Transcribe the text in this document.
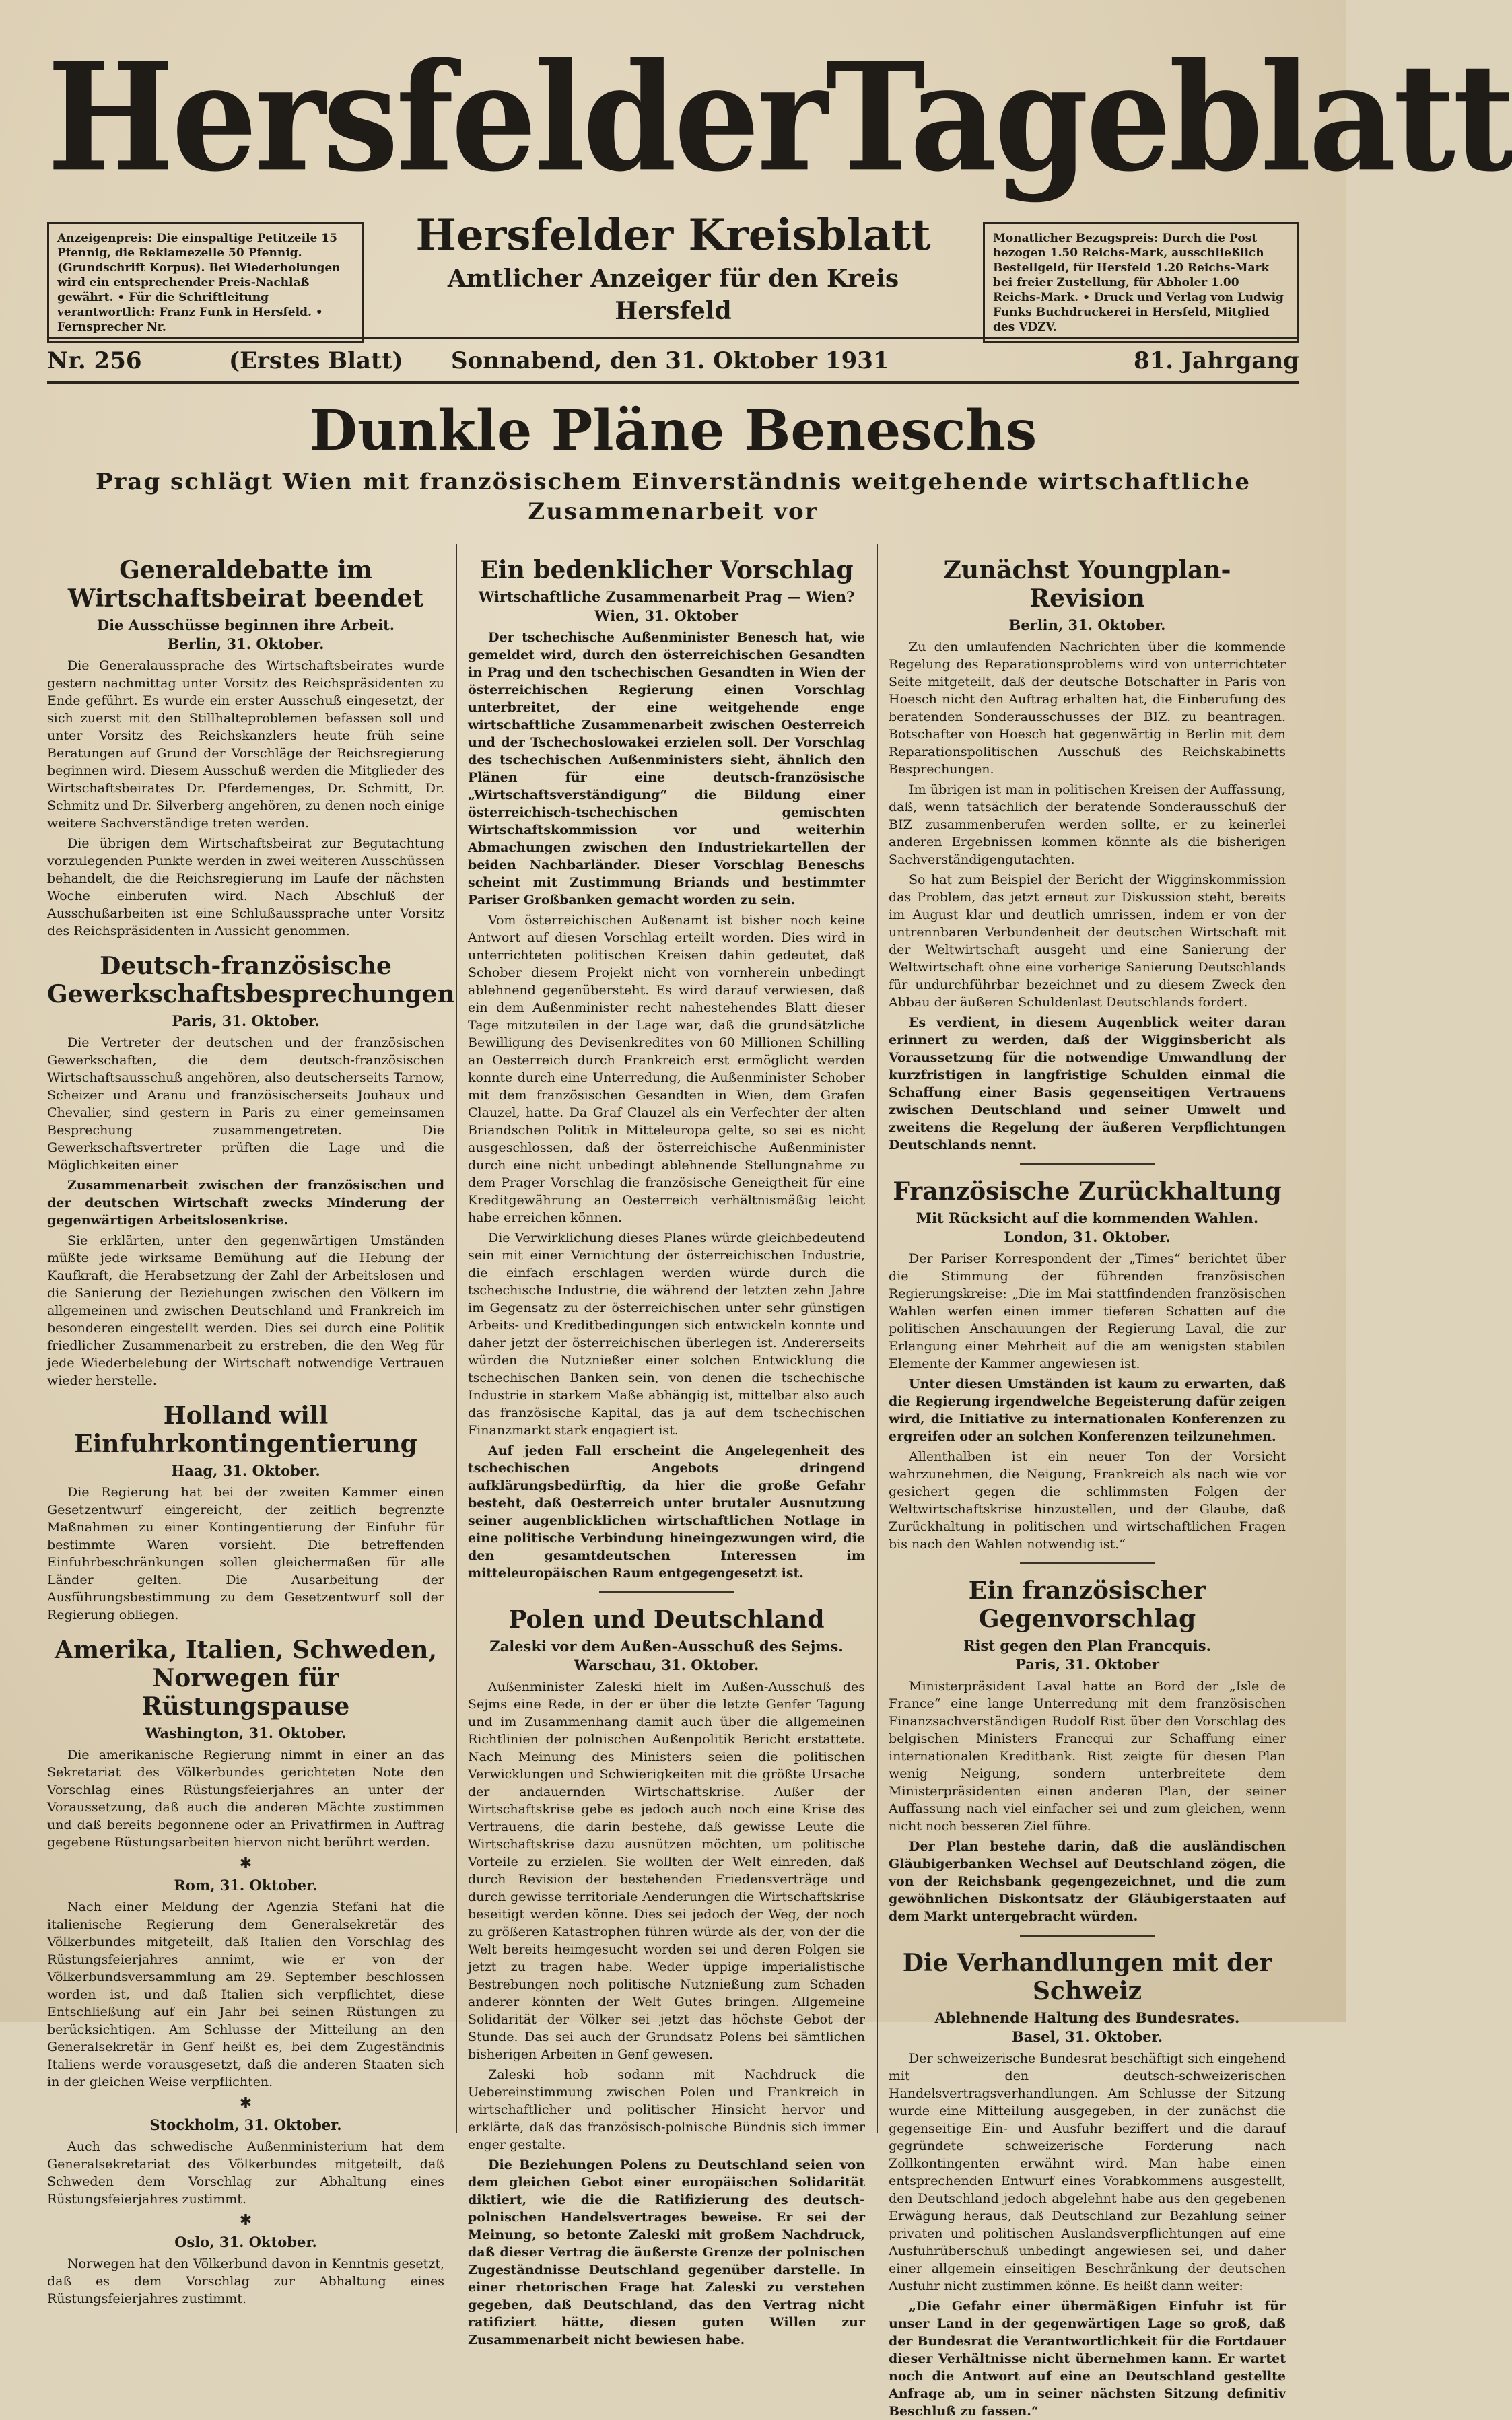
HersfelderTageblatt
Anzeigenpreis: Die einspaltige Petitzeile 15 Pfennig, die Reklamezeile 50 Pfennig. (Grundschrift Korpus). Bei Wiederholungen wird ein entsprechender Preis-Nachlaß gewährt. • Für die Schriftleitung verantwortlich: Franz Funk in Hersfeld. • Fernsprecher Nr.
Hersfelder Kreisblatt
Amtlicher Anzeiger für den Kreis Hersfeld
Monatlicher Bezugspreis: Durch die Post bezogen 1.50 Reichs-Mark, ausschließlich Bestellgeld, für Hersfeld 1.20 Reichs-Mark bei freier Zustellung, für Abholer 1.00 Reichs-Mark. • Druck und Verlag von Ludwig Funks Buchdruckerei in Hersfeld, Mitglied des VDZV.
Nr. 256	(Erstes Blatt) Sonnabend, den 31. Oktober 1931	81. Jahrgang
Dunkle Pläne Beneschs
Prag schlägt Wien mit französischem Einverständnis weitgehende wirtschaftliche Zusammenarbeit vor
Generaldebatte im Wirtschaftsbeirat beendet
Die Ausschüsse beginnen ihre Arbeit.
Berlin, 31. Oktober.

Die Generalaussprache des Wirtschaftsbeirates wurde gestern nachmittag unter Vorsitz des Reichspräsidenten zu Ende geführt. Es wurde ein erster Ausschuß eingesetzt, der sich zuerst mit den Stillhalteproblemen befassen soll und unter Vorsitz des Reichskanzlers heute früh seine Beratungen auf Grund der Vorschläge der Reichsregierung beginnen wird. Diesem Ausschuß werden die Mitglieder des Wirtschaftsbeirates Dr. Pferdemenges, Dr. Schmitt, Dr. Schmitz und Dr. Silverberg angehören, zu denen noch einige weitere Sachverständige treten werden.

Die übrigen dem Wirtschaftsbeirat zur Begutachtung vorzulegenden Punkte werden in zwei weiteren Ausschüssen behandelt, die die Reichsregierung im Laufe der nächsten Woche einberufen wird. Nach Abschluß der Ausschußarbeiten ist eine Schlußaussprache unter Vorsitz des Reichspräsidenten in Aussicht genommen.

Deutsch-französische Gewerkschaftsbesprechungen
Paris, 31. Oktober.

Die Vertreter der deutschen und der französischen Gewerkschaften, die dem deutsch-französischen Wirtschaftsausschuß angehören, also deutscherseits Tarnow, Scheizer und Aranu und französischerseits Jouhaux und Chevalier, sind gestern in Paris zu einer gemeinsamen Besprechung zusammengetreten. Die Gewerkschaftsvertreter prüften die Lage und die Möglichkeiten einer

Zusammenarbeit zwischen der französischen und der deutschen Wirtschaft zwecks Minderung der gegenwärtigen Arbeitslosenkrise.

Sie erklärten, unter den gegenwärtigen Umständen müßte jede wirksame Bemühung auf die Hebung der Kaufkraft, die Herabsetzung der Zahl der Arbeitslosen und die Sanierung der Beziehungen zwischen den Völkern im allgemeinen und zwischen Deutschland und Frankreich im besonderen eingestellt werden. Dies sei durch eine Politik friedlicher Zusammenarbeit zu erstreben, die den Weg für jede Wiederbelebung der Wirtschaft notwendige Vertrauen wieder herstelle.

Holland will Einfuhrkontingentierung
Haag, 31. Oktober.

Die Regierung hat bei der zweiten Kammer einen Gesetzentwurf eingereicht, der zeitlich begrenzte Maßnahmen zu einer Kontingentierung der Einfuhr für bestimmte Waren vorsieht. Die betreffenden Einfuhrbeschränkungen sollen gleichermaßen für alle Länder gelten. Die Ausarbeitung der Ausführungsbestimmung zu dem Gesetzentwurf soll der Regierung obliegen.

Amerika, Italien, Schweden, Norwegen für Rüstungspause
Washington, 31. Oktober.

Die amerikanische Regierung nimmt in einer an das Sekretariat des Völkerbundes gerichteten Note den Vorschlag eines Rüstungsfeierjahres an unter der Voraussetzung, daß auch die anderen Mächte zustimmen und daß bereits begonnene oder an Privatfirmen in Auftrag gegebene Rüstungsarbeiten hiervon nicht berührt werden.

✱
Rom, 31. Oktober.

Nach einer Meldung der Agenzia Stefani hat die italienische Regierung dem Generalsekretär des Völkerbundes mitgeteilt, daß Italien den Vorschlag des Rüstungsfeierjahres annimt, wie er von der Völkerbundsversammlung am 29. September beschlossen worden ist, und daß Italien sich verpflichtet, diese Entschließung auf ein Jahr bei seinen Rüstungen zu berücksichtigen. Am Schlusse der Mitteilung an den Generalsekretär in Genf heißt es, bei dem Zugeständnis Italiens werde vorausgesetzt, daß die anderen Staaten sich in der gleichen Weise verpflichten.

✱
Stockholm, 31. Oktober.

Auch das schwedische Außenministerium hat dem Generalsekretariat des Völkerbundes mitgeteilt, daß Schweden dem Vorschlag zur Abhaltung eines Rüstungsfeierjahres zustimmt.

✱
Oslo, 31. Oktober.

Norwegen hat den Völkerbund davon in Kenntnis gesetzt, daß es dem Vorschlag zur Abhaltung eines Rüstungsfeierjahres zustimmt.

Ein bedenklicher Vorschlag
Wirtschaftliche Zusammenarbeit Prag — Wien?
Wien, 31. Oktober

Der tschechische Außenminister Benesch hat, wie gemeldet wird, durch den österreichischen Gesandten in Prag und den tschechischen Gesandten in Wien der österreichischen Regierung einen Vorschlag unterbreitet, der eine weitgehende enge wirtschaftliche Zusammenarbeit zwischen Oesterreich und der Tschechoslowakei erzielen soll. Der Vorschlag des tschechischen Außenministers sieht, ähnlich den Plänen für eine deutsch-französische „Wirtschaftsverständigung“ die Bildung einer österreichisch-tschechischen gemischten Wirtschaftskommission vor und weiterhin Abmachungen zwischen den Industriekartellen der beiden Nachbarländer. Dieser Vorschlag Beneschs scheint mit Zustimmung Briands und bestimmter Pariser Großbanken gemacht worden zu sein.

Vom österreichischen Außenamt ist bisher noch keine Antwort auf diesen Vorschlag erteilt worden. Dies wird in unterrichteten politischen Kreisen dahin gedeutet, daß Schober diesem Projekt nicht von vornherein unbedingt ablehnend gegenübersteht. Es wird darauf verwiesen, daß ein dem Außenminister recht nahestehendes Blatt dieser Tage mitzuteilen in der Lage war, daß die grundsätzliche Bewilligung des Devisenkredites von 60 Millionen Schilling an Oesterreich durch Frankreich erst ermöglicht werden konnte durch eine Unterredung, die Außenminister Schober mit dem französischen Gesandten in Wien, dem Grafen Clauzel, hatte. Da Graf Clauzel als ein Verfechter der alten Briandschen Politik in Mitteleuropa gelte, so sei es nicht ausgeschlossen, daß der österreichische Außenminister durch eine nicht unbedingt ablehnende Stellungnahme zu dem Prager Vorschlag die französische Geneigtheit für eine Kreditgewährung an Oesterreich verhältnismäßig leicht habe erreichen können.

Die Verwirklichung dieses Planes würde gleichbedeutend sein mit einer Vernichtung der österreichischen Industrie, die einfach erschlagen werden würde durch die tschechische Industrie, die während der letzten zehn Jahre im Gegensatz zu der österreichischen unter sehr günstigen Arbeits- und Kreditbedingungen sich entwickeln konnte und daher jetzt der österreichischen überlegen ist. Andererseits würden die Nutznießer einer solchen Entwicklung die tschechischen Banken sein, von denen die tschechische Industrie in starkem Maße abhängig ist, mittelbar also auch das französische Kapital, das ja auf dem tschechischen Finanzmarkt stark engagiert ist.

Auf jeden Fall erscheint die Angelegenheit des tschechischen Angebots dringend aufklärungsbedürftig, da hier die große Gefahr besteht, daß Oesterreich unter brutaler Ausnutzung seiner augenblicklichen wirtschaftlichen Notlage in eine politische Verbindung hineingezwungen wird, die den gesamtdeutschen Interessen im mitteleuropäischen Raum entgegengesetzt ist.

Polen und Deutschland
Zaleski vor dem Außen-Ausschuß des Sejms.
Warschau, 31. Oktober.

Außenminister Zaleski hielt im Außen-Ausschuß des Sejms eine Rede, in der er über die letzte Genfer Tagung und im Zusammenhang damit auch über die allgemeinen Richtlinien der polnischen Außenpolitik Bericht erstattete. Nach Meinung des Ministers seien die politischen Verwicklungen und Schwierigkeiten mit die größte Ursache der andauernden Wirtschaftskrise. Außer der Wirtschaftskrise gebe es jedoch auch noch eine Krise des Vertrauens, die darin bestehe, daß gewisse Leute die Wirtschaftskrise dazu ausnützen möchten, um politische Vorteile zu erzielen. Sie wollten der Welt einreden, daß durch Revision der bestehenden Friedensverträge und durch gewisse territoriale Aenderungen die Wirtschaftskrise beseitigt werden könne. Dies sei jedoch der Weg, der noch zu größeren Katastrophen führen würde als der, von der die Welt bereits heimgesucht worden sei und deren Folgen sie jetzt zu tragen habe. Weder üppige imperialistische Bestrebungen noch politische Nutznießung zum Schaden anderer könnten der Welt Gutes bringen. Allgemeine Solidarität der Völker sei jetzt das höchste Gebot der Stunde. Das sei auch der Grundsatz Polens bei sämtlichen bisherigen Arbeiten in Genf gewesen.

Zaleski hob sodann mit Nachdruck die Uebereinstimmung zwischen Polen und Frankreich in wirtschaftlicher und politischer Hinsicht hervor und erklärte, daß das französisch-polnische Bündnis sich immer enger gestalte.

Die Beziehungen Polens zu Deutschland seien von dem gleichen Gebot einer europäischen Solidarität diktiert, wie die die Ratifizierung des deutsch-polnischen Handelsvertrages beweise. Er sei der Meinung, so betonte Zaleski mit großem Nachdruck, daß dieser Vertrag die äußerste Grenze der polnischen Zugeständnisse Deutschland gegenüber darstelle. In einer rhetorischen Frage hat Zaleski zu verstehen gegeben, daß Deutschland, das den Vertrag nicht ratifiziert hätte, diesen guten Willen zur Zusammenarbeit nicht bewiesen habe.

Zunächst Youngplan-Revision
Berlin, 31. Oktober.

Zu den umlaufenden Nachrichten über die kommende Regelung des Reparationsproblems wird von unterrichteter Seite mitgeteilt, daß der deutsche Botschafter in Paris von Hoesch nicht den Auftrag erhalten hat, die Einberufung des beratenden Sonderausschusses der BIZ. zu beantragen. Botschafter von Hoesch hat gegenwärtig in Berlin mit dem Reparationspolitischen Ausschuß des Reichskabinetts Besprechungen.

Im übrigen ist man in politischen Kreisen der Auffassung, daß, wenn tatsächlich der beratende Sonderausschuß der BIZ zusammenberufen werden sollte, er zu keinerlei anderen Ergebnissen kommen könnte als die bisherigen Sachverständigengutachten.

So hat zum Beispiel der Bericht der Wigginskommission das Problem, das jetzt erneut zur Diskussion steht, bereits im August klar und deutlich umrissen, indem er von der untrennbaren Verbundenheit der deutschen Wirtschaft mit der Weltwirtschaft ausgeht und eine Sanierung der Weltwirtschaft ohne eine vorherige Sanierung Deutschlands für undurchführbar bezeichnet und zu diesem Zweck den Abbau der äußeren Schuldenlast Deutschlands fordert.

Es verdient, in diesem Augenblick weiter daran erinnert zu werden, daß der Wigginsbericht als Voraussetzung für die notwendige Umwandlung der kurzfristigen in langfristige Schulden einmal die Schaffung einer Basis gegenseitigen Vertrauens zwischen Deutschland und seiner Umwelt und zweitens die Regelung der äußeren Verpflichtungen Deutschlands nennt.

Französische Zurückhaltung
Mit Rücksicht auf die kommenden Wahlen.
London, 31. Oktober.

Der Pariser Korrespondent der „Times“ berichtet über die Stimmung der führenden französischen Regierungskreise: „Die im Mai stattfindenden französischen Wahlen werfen einen immer tieferen Schatten auf die politischen Anschauungen der Regierung Laval, die zur Erlangung einer Mehrheit auf die am wenigsten stabilen Elemente der Kammer angewiesen ist.

Unter diesen Umständen ist kaum zu erwarten, daß die Regierung irgendwelche Begeisterung dafür zeigen wird, die Initiative zu internationalen Konferenzen zu ergreifen oder an solchen Konferenzen teilzunehmen.

Allenthalben ist ein neuer Ton der Vorsicht wahrzunehmen, die Neigung, Frankreich als nach wie vor gesichert gegen die schlimmsten Folgen der Weltwirtschaftskrise hinzustellen, und der Glaube, daß Zurückhaltung in politischen und wirtschaftlichen Fragen bis nach den Wahlen notwendig ist.“

Ein französischer Gegenvorschlag
Rist gegen den Plan Francquis.
Paris, 31. Oktober

Ministerpräsident Laval hatte an Bord der „Isle de France“ eine lange Unterredung mit dem französischen Finanzsachverständigen Rudolf Rist über den Vorschlag des belgischen Ministers Francqui zur Schaffung einer internationalen Kreditbank. Rist zeigte für diesen Plan wenig Neigung, sondern unterbreitete dem Ministerpräsidenten einen anderen Plan, der seiner Auffassung nach viel einfacher sei und zum gleichen, wenn nicht noch besseren Ziel führe.

Der Plan bestehe darin, daß die ausländischen Gläubigerbanken Wechsel auf Deutschland zögen, die von der Reichsbank gegengezeichnet, und die zum gewöhnlichen Diskontsatz der Gläubigerstaaten auf dem Markt untergebracht würden.

Die Verhandlungen mit der Schweiz
Ablehnende Haltung des Bundesrates.
Basel, 31. Oktober.

Der schweizerische Bundesrat beschäftigt sich eingehend mit den deutsch-schweizerischen Handelsvertragsverhandlungen. Am Schlusse der Sitzung wurde eine Mitteilung ausgegeben, in der zunächst die gegenseitige Ein- und Ausfuhr beziffert und die darauf gegründete schweizerische Forderung nach Zollkontingenten erwähnt wird. Man habe einen entsprechenden Entwurf eines Vorabkommens ausgestellt, den Deutschland jedoch abgelehnt habe aus den gegebenen Erwägung heraus, daß Deutschland zur Bezahlung seiner privaten und politischen Auslandsverpflichtungen auf eine Ausfuhrüberschuß unbedingt angewiesen sei, und daher einer allgemein einseitigen Beschränkung der deutschen Ausfuhr nicht zustimmen könne. Es heißt dann weiter:

„Die Gefahr einer übermäßigen Einfuhr ist für unser Land in der gegenwärtigen Lage so groß, daß der Bundesrat die Verantwortlichkeit für die Fortdauer dieser Verhältnisse nicht übernehmen kann. Er wartet noch die Antwort auf eine an Deutschland gestellte Anfrage ab, um in seiner nächsten Sitzung definitiv Beschluß zu fassen.“
